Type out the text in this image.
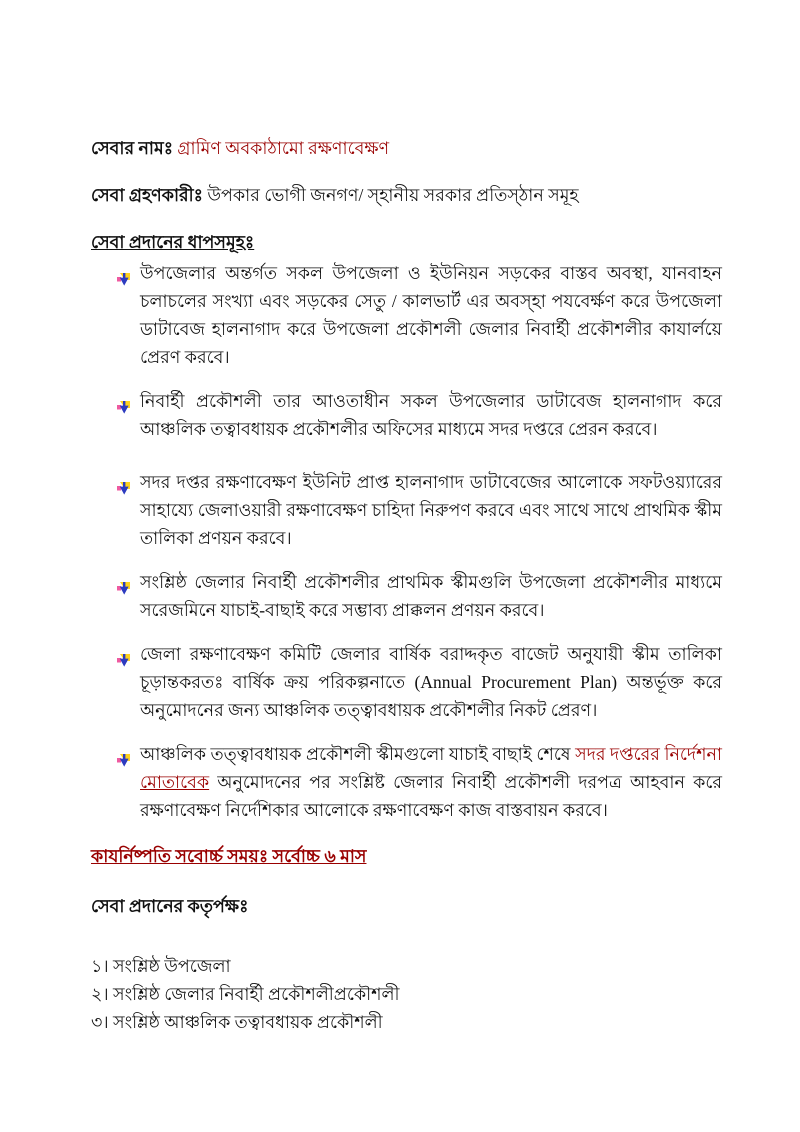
সেবার নামঃ গ্রামিণ অবকাঠামো রক্ষণাবেক্ষণ
সেবা গ্রহণকারীঃ উপকার ভোগী জনগণ/ স্হানীয় সরকার প্রতিস্ঠান সমূহ
সেবা প্রদানের ধাপসমূহঃ
উপজেলার অন্তর্গত সকল উপজেলা ও ইউনিয়ন সড়কের বাস্তব অবস্থা, যানবাহন চলাচলের সংখ্যা এবং সড়কের সেতু / কালভার্ট এর অবস্হা পযবের্ক্ষণ করে উপজেলা ডাটাবেজ হালনাগাদ করে উপজেলা প্রকৌশলী জেলার নিবার্হী প্রকৌশলীর কাযার্লয়ে প্রেরণ করবে।
নিবার্হী প্রকৌশলী তার আওতাধীন সকল উপজেলার ডাটাবেজ হালনাগাদ করে আঞ্চলিক তত্বাবধায়ক প্রকৌশলীর অফিসের মাধ্যমে সদর দপ্তরে প্রেরন করবে।
সদর দপ্তর রক্ষণাবেক্ষণ ইউনিট প্রাপ্ত হালনাগাদ ডাটাবেজের আলোকে সফটওয়্যারের সাহায্যে জেলাওয়ারী রক্ষণাবেক্ষণ চাহিদা নিরুপণ করবে এবং সাথে সাথে প্রাথমিক স্কীম তালিকা প্রণয়ন করবে।
সংশ্লিষ্ঠ জেলার নিবার্হী প্রকৌশলীর প্রাথমিক স্কীমগুলি উপজেলা প্রকৌশলীর মাধ্যমে সরেজমিনে যাচাই-বাছাই করে সম্ভাব্য প্রাক্কলন প্রণয়ন করবে।
জেলা রক্ষণাবেক্ষণ কমিটি জেলার বার্ষিক বরাদ্দকৃত বাজেট অনুযায়ী স্কীম তালিকা চূড়ান্তকরতঃ বার্ষিক ক্রয় পরিকল্পনাতে (Annual Procurement Plan) অন্তর্ভূক্ত করে অনুমোদনের জন্য আঞ্চলিক তত্ত্বাবধায়ক প্রকৌশলীর নিকট প্রেরণ।
আঞ্চলিক তত্ত্বাবধায়ক প্রকৌশলী স্কীমগুলো যাচাই বাছাই শেষে সদর দপ্তরের নির্দেশনা মোতাবেক অনুমোদনের পর সংশ্লিষ্ট জেলার নিবার্হী প্রকৌশলী দরপত্র আহবান করে রক্ষণাবেক্ষণ নির্দেশিকার আলোকে রক্ষণাবেক্ষণ কাজ বাস্তবায়ন করবে।
কাযর্নিষ্পতি সবোর্চ্চ সময়ঃ সর্বোচ্চ ৬ মাস
সেবা প্রদানের কতৃর্পক্ষঃ
১। সংশ্লিষ্ঠ উপজেলা
২। সংশ্লিষ্ঠ জেলার নিবার্হী প্রকৌশলীপ্রকৌশলী
৩। সংশ্লিষ্ঠ আঞ্চলিক তত্বাবধায়ক প্রকৌশলী
